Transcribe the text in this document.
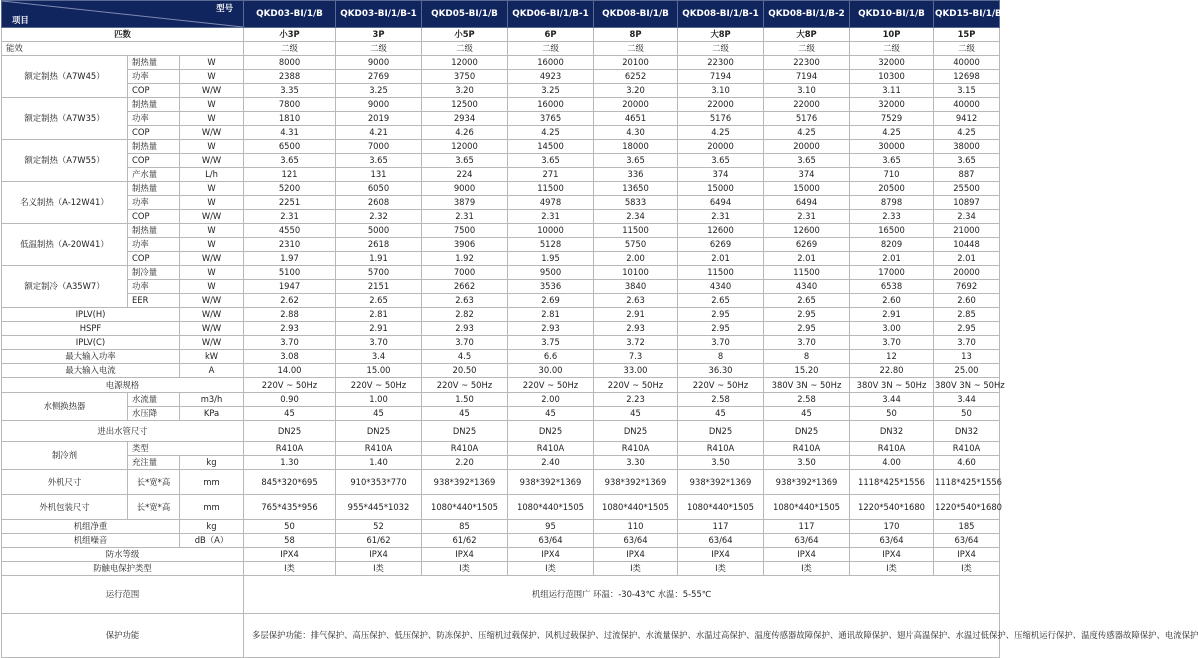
项目
型号			QKD03-BI/1/B	QKD03-BI/1/B-1	QKD05-BI/1/B	QKD06-BI/1/B-1	QKD08-BI/1/B	QKD08-BI/1/B-1	QKD08-BI/1/B-2	QKD10-BI/1/B	QKD15-BI/1/B
匹数			小3P	3P	小5P	6P	8P	大8P	大8P	10P	15P
能效			二级	二级	二级	二级	二级	二级	二级	二级	二级
额定制热（A7W45）	制热量	W	8000	9000	12000	16000	20100	22300	22300	32000	40000
	功率	W	2388	2769	3750	4923	6252	7194	7194	10300	12698
	COP	W/W	3.35	3.25	3.20	3.25	3.20	3.10	3.10	3.11	3.15
额定制热（A7W35）	制热量	W	7800	9000	12500	16000	20000	22000	22000	32000	40000
	功率	W	1810	2019	2934	3765	4651	5176	5176	7529	9412
	COP	W/W	4.31	4.21	4.26	4.25	4.30	4.25	4.25	4.25	4.25
额定制热（A7W55）	制热量	W	6500	7000	12000	14500	18000	20000	20000	30000	38000
	COP	W/W	3.65	3.65	3.65	3.65	3.65	3.65	3.65	3.65	3.65
	产水量	L/h	121	131	224	271	336	374	374	710	887
名义制热（A-12W41）	制热量	W	5200	6050	9000	11500	13650	15000	15000	20500	25500
	功率	W	2251	2608	3879	4978	5833	6494	6494	8798	10897
	COP	W/W	2.31	2.32	2.31	2.31	2.34	2.31	2.31	2.33	2.34
低温制热（A-20W41）	制热量	W	4550	5000	7500	10000	11500	12600	12600	16500	21000
	功率	W	2310	2618	3906	5128	5750	6269	6269	8209	10448
	COP	W/W	1.97	1.91	1.92	1.95	2.00	2.01	2.01	2.01	2.01
额定制冷（A35W7）	制冷量	W	5100	5700	7000	9500	10100	11500	11500	17000	20000
	功率	W	1947	2151	2662	3536	3840	4340	4340	6538	7692
	EER	W/W	2.62	2.65	2.63	2.69	2.63	2.65	2.65	2.60	2.60
IPLV(H)		W/W	2.88	2.81	2.82	2.81	2.91	2.95	2.95	2.91	2.85
HSPF		W/W	2.93	2.91	2.93	2.93	2.93	2.95	2.95	3.00	2.95
IPLV(C)		W/W	3.70	3.70	3.70	3.75	3.72	3.70	3.70	3.70	3.70
最大输入功率		kW	3.08	3.4	4.5	6.6	7.3	8	8	12	13
最大输入电流		A	14.00	15.00	20.50	30.00	33.00	36.30	15.20	22.80	25.00
电源规格			220V ~ 50Hz	220V ~ 50Hz	220V ~ 50Hz	220V ~ 50Hz	220V ~ 50Hz	220V ~ 50Hz	380V 3N ~ 50Hz	380V 3N ~ 50Hz	380V 3N ~ 50Hz
水侧换热器	水流量	m3/h	0.90	1.00	1.50	2.00	2.23	2.58	2.58	3.44	3.44
	水压降	KPa	45	45	45	45	45	45	45	50	50
进出水管尺寸			DN25	DN25	DN25	DN25	DN25	DN25	DN25	DN32	DN32
制冷剂	类型		R410A	R410A	R410A	R410A	R410A	R410A	R410A	R410A	R410A
	充注量	kg	1.30	1.40	2.20	2.40	3.30	3.50	3.50	4.00	4.60
外机尺寸	长*宽*高	mm	845*320*695	910*353*770	938*392*1369	938*392*1369	938*392*1369	938*392*1369	938*392*1369	1118*425*1556	1118*425*1556
外机包装尺寸	长*宽*高	mm	765*435*956	955*445*1032	1080*440*1505	1080*440*1505	1080*440*1505	1080*440*1505	1080*440*1505	1220*540*1680	1220*540*1680
机组净重		kg	50	52	85	95	110	117	117	170	185
机组噪音		dB（A）	58	61/62	61/62	63/64	63/64	63/64	63/64	63/64	63/64
防水等级			IPX4	IPX4	IPX4	IPX4	IPX4	IPX4	IPX4	IPX4	IPX4
防触电保护类型			I类	I类	I类	I类	I类	I类	I类	I类	I类
运行范围			机组运行范围广 环温：-30-43℃ 水温：5-55℃								
保护功能			多层保护功能：排气保护、高压保护、低压保护、防冻保护、压缩机过载保护、风机过载保护、过流保护、水流量保护、水温过高保护、温度传感器故障保护、通讯故障保护、翅片高温保护、水温过低保护、压缩机运行保护、温度传感器故障保护、电流保护								
